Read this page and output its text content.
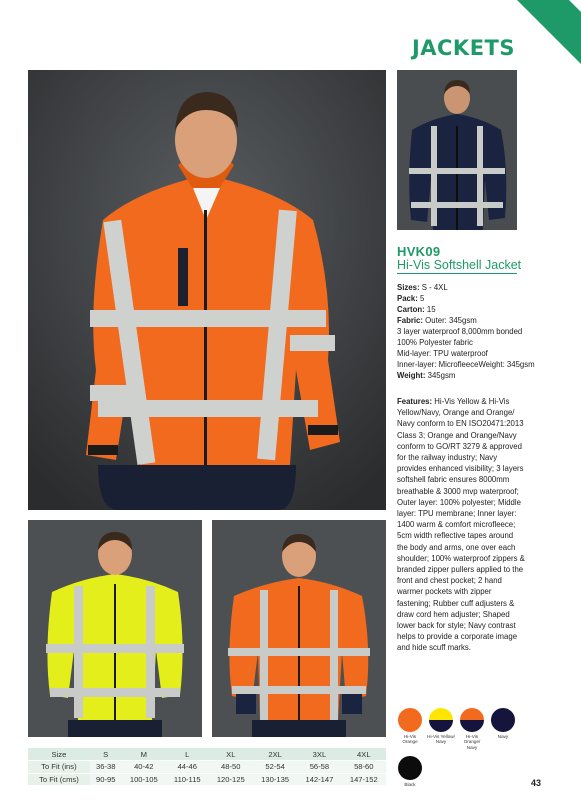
JACKETS
HVK09
Hi-Vis Softshell Jacket
Sizes: S - 4XL
Pack: 5
Carton: 15
Fabric: Outer: 345gsm
3 layer waterproof 8,000mm bonded
100% Polyester fabric
Mid-layer: TPU waterproof
Inner-layer: MicrofleeceWeight: 345gsm
Weight: 345gsm
Features: Hi-Vis Yellow & Hi-Vis Yellow/Navy, Orange and Orange/ Navy conform to EN ISO20471:2013 Class 3; Orange and Orange/Navy conform to GO/RT 3279 & approved for the railway industry; Navy provides enhanced visibility; 3 layers softshell fabric ensures 8000mm breathable & 3000 mvp waterproof; Outer layer: 100% polyester; Middle layer: TPU membrane; Inner layer: 1400 warm & comfort microfleece; 5cm width reflective tapes around the body and arms, one over each shoulder; 100% waterproof zippers & branded zipper pullers applied to the front and chest pocket; 2 hand warmer pockets with zipper fastening; Rubber cuff adjusters & draw cord hem adjuster; Shaped lower back for style; Navy contrast helps to provide a corporate image and hide scuff marks.
Hi-Vis Orange
Hi-Vis Yellow/ Navy
Hi-Vis Orange/ Navy
Navy
Black
Size	S	M	L	XL	2XL	3XL	4XL
To Fit (ins)	36-38	40-42	44-46	48-50	52-54	56-58	58-60
To Fit (cms)	90-95	100-105	110-115	120-125	130-135	142-147	147-152	43
